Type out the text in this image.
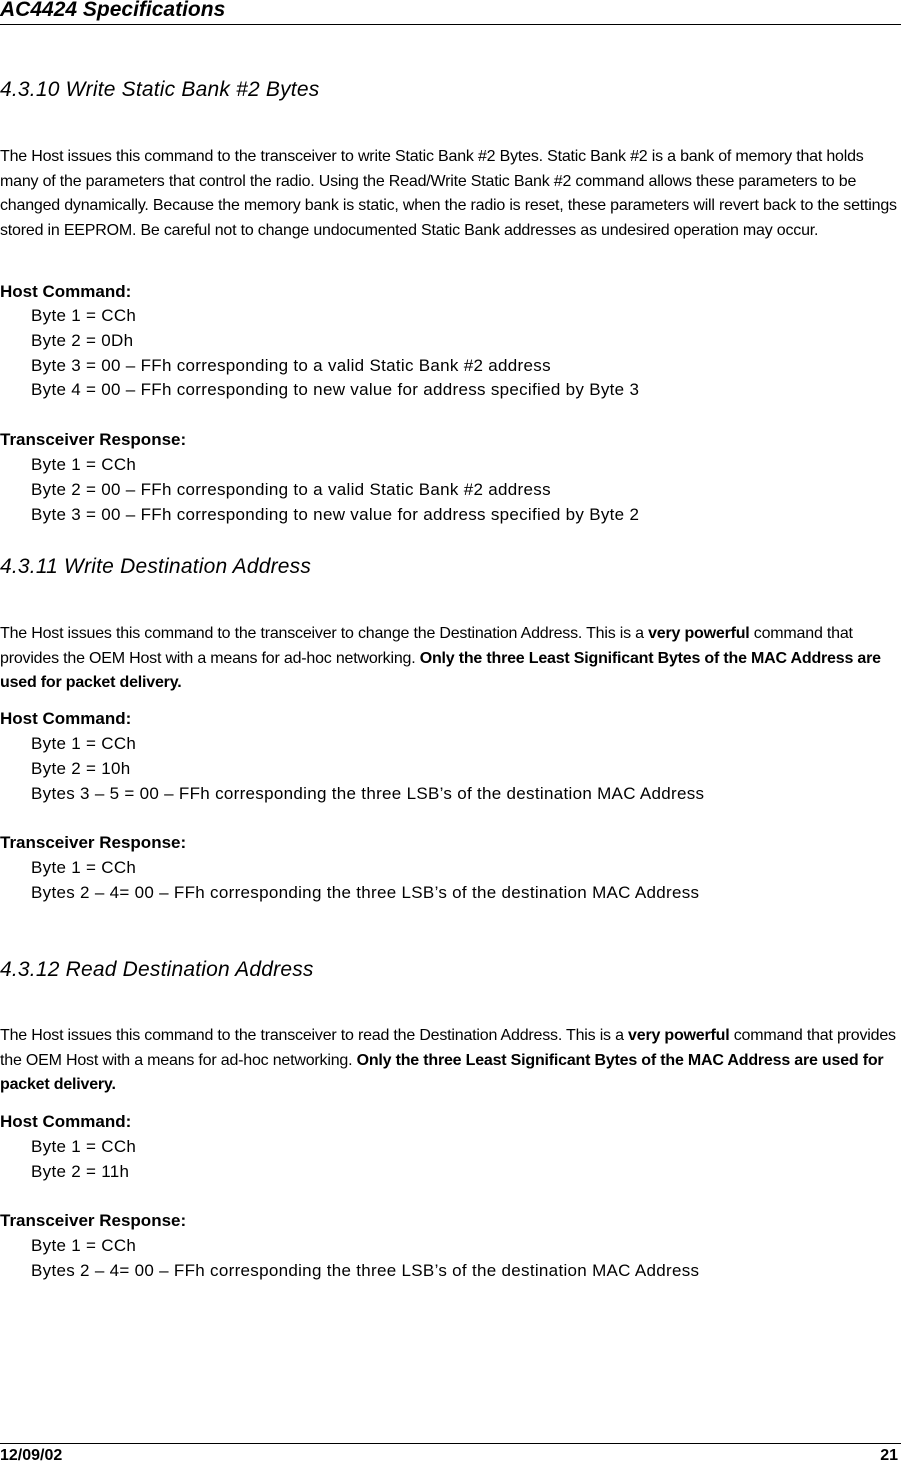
AC4424 Specifications
4.3.10 Write Static Bank #2 Bytes
The Host issues this command to the transceiver to write Static Bank #2 Bytes. Static Bank #2 is a bank of memory that holds many of the parameters that control the radio. Using the Read/Write Static Bank #2 command allows these parameters to be changed dynamically. Because the memory bank is static, when the radio is reset, these parameters will revert back to the settings stored in EEPROM. Be careful not to change undocumented Static Bank addresses as undesired operation may occur.
Host Command:
Byte 1 = CCh
Byte 2 = 0Dh
Byte 3 = 00 – FFh corresponding to a valid Static Bank #2 address
Byte 4 = 00 – FFh corresponding to new value for address specified by Byte 3
Transceiver Response:
Byte 1 = CCh
Byte 2 = 00 – FFh corresponding to a valid Static Bank #2 address
Byte 3 = 00 – FFh corresponding to new value for address specified by Byte 2
4.3.11 Write Destination Address
The Host issues this command to the transceiver to change the Destination Address. This is a very powerful command that provides the OEM Host with a means for ad-hoc networking. Only the three Least Significant Bytes of the MAC Address are used for packet delivery.
Host Command:
Byte 1 = CCh
Byte 2 = 10h
Bytes 3 – 5 = 00 – FFh corresponding the three LSB’s of the destination MAC Address
Transceiver Response:
Byte 1 = CCh
Bytes 2 – 4= 00 – FFh corresponding the three LSB’s of the destination MAC Address
4.3.12 Read Destination Address
The Host issues this command to the transceiver to read the Destination Address. This is a very powerful command that provides the OEM Host with a means for ad-hoc networking. Only the three Least Significant Bytes of the MAC Address are used for packet delivery.
Host Command:
Byte 1 = CCh
Byte 2 = 11h
Transceiver Response:
Byte 1 = CCh
Bytes 2 – 4= 00 – FFh corresponding the three LSB’s of the destination MAC Address
12/09/02	21
